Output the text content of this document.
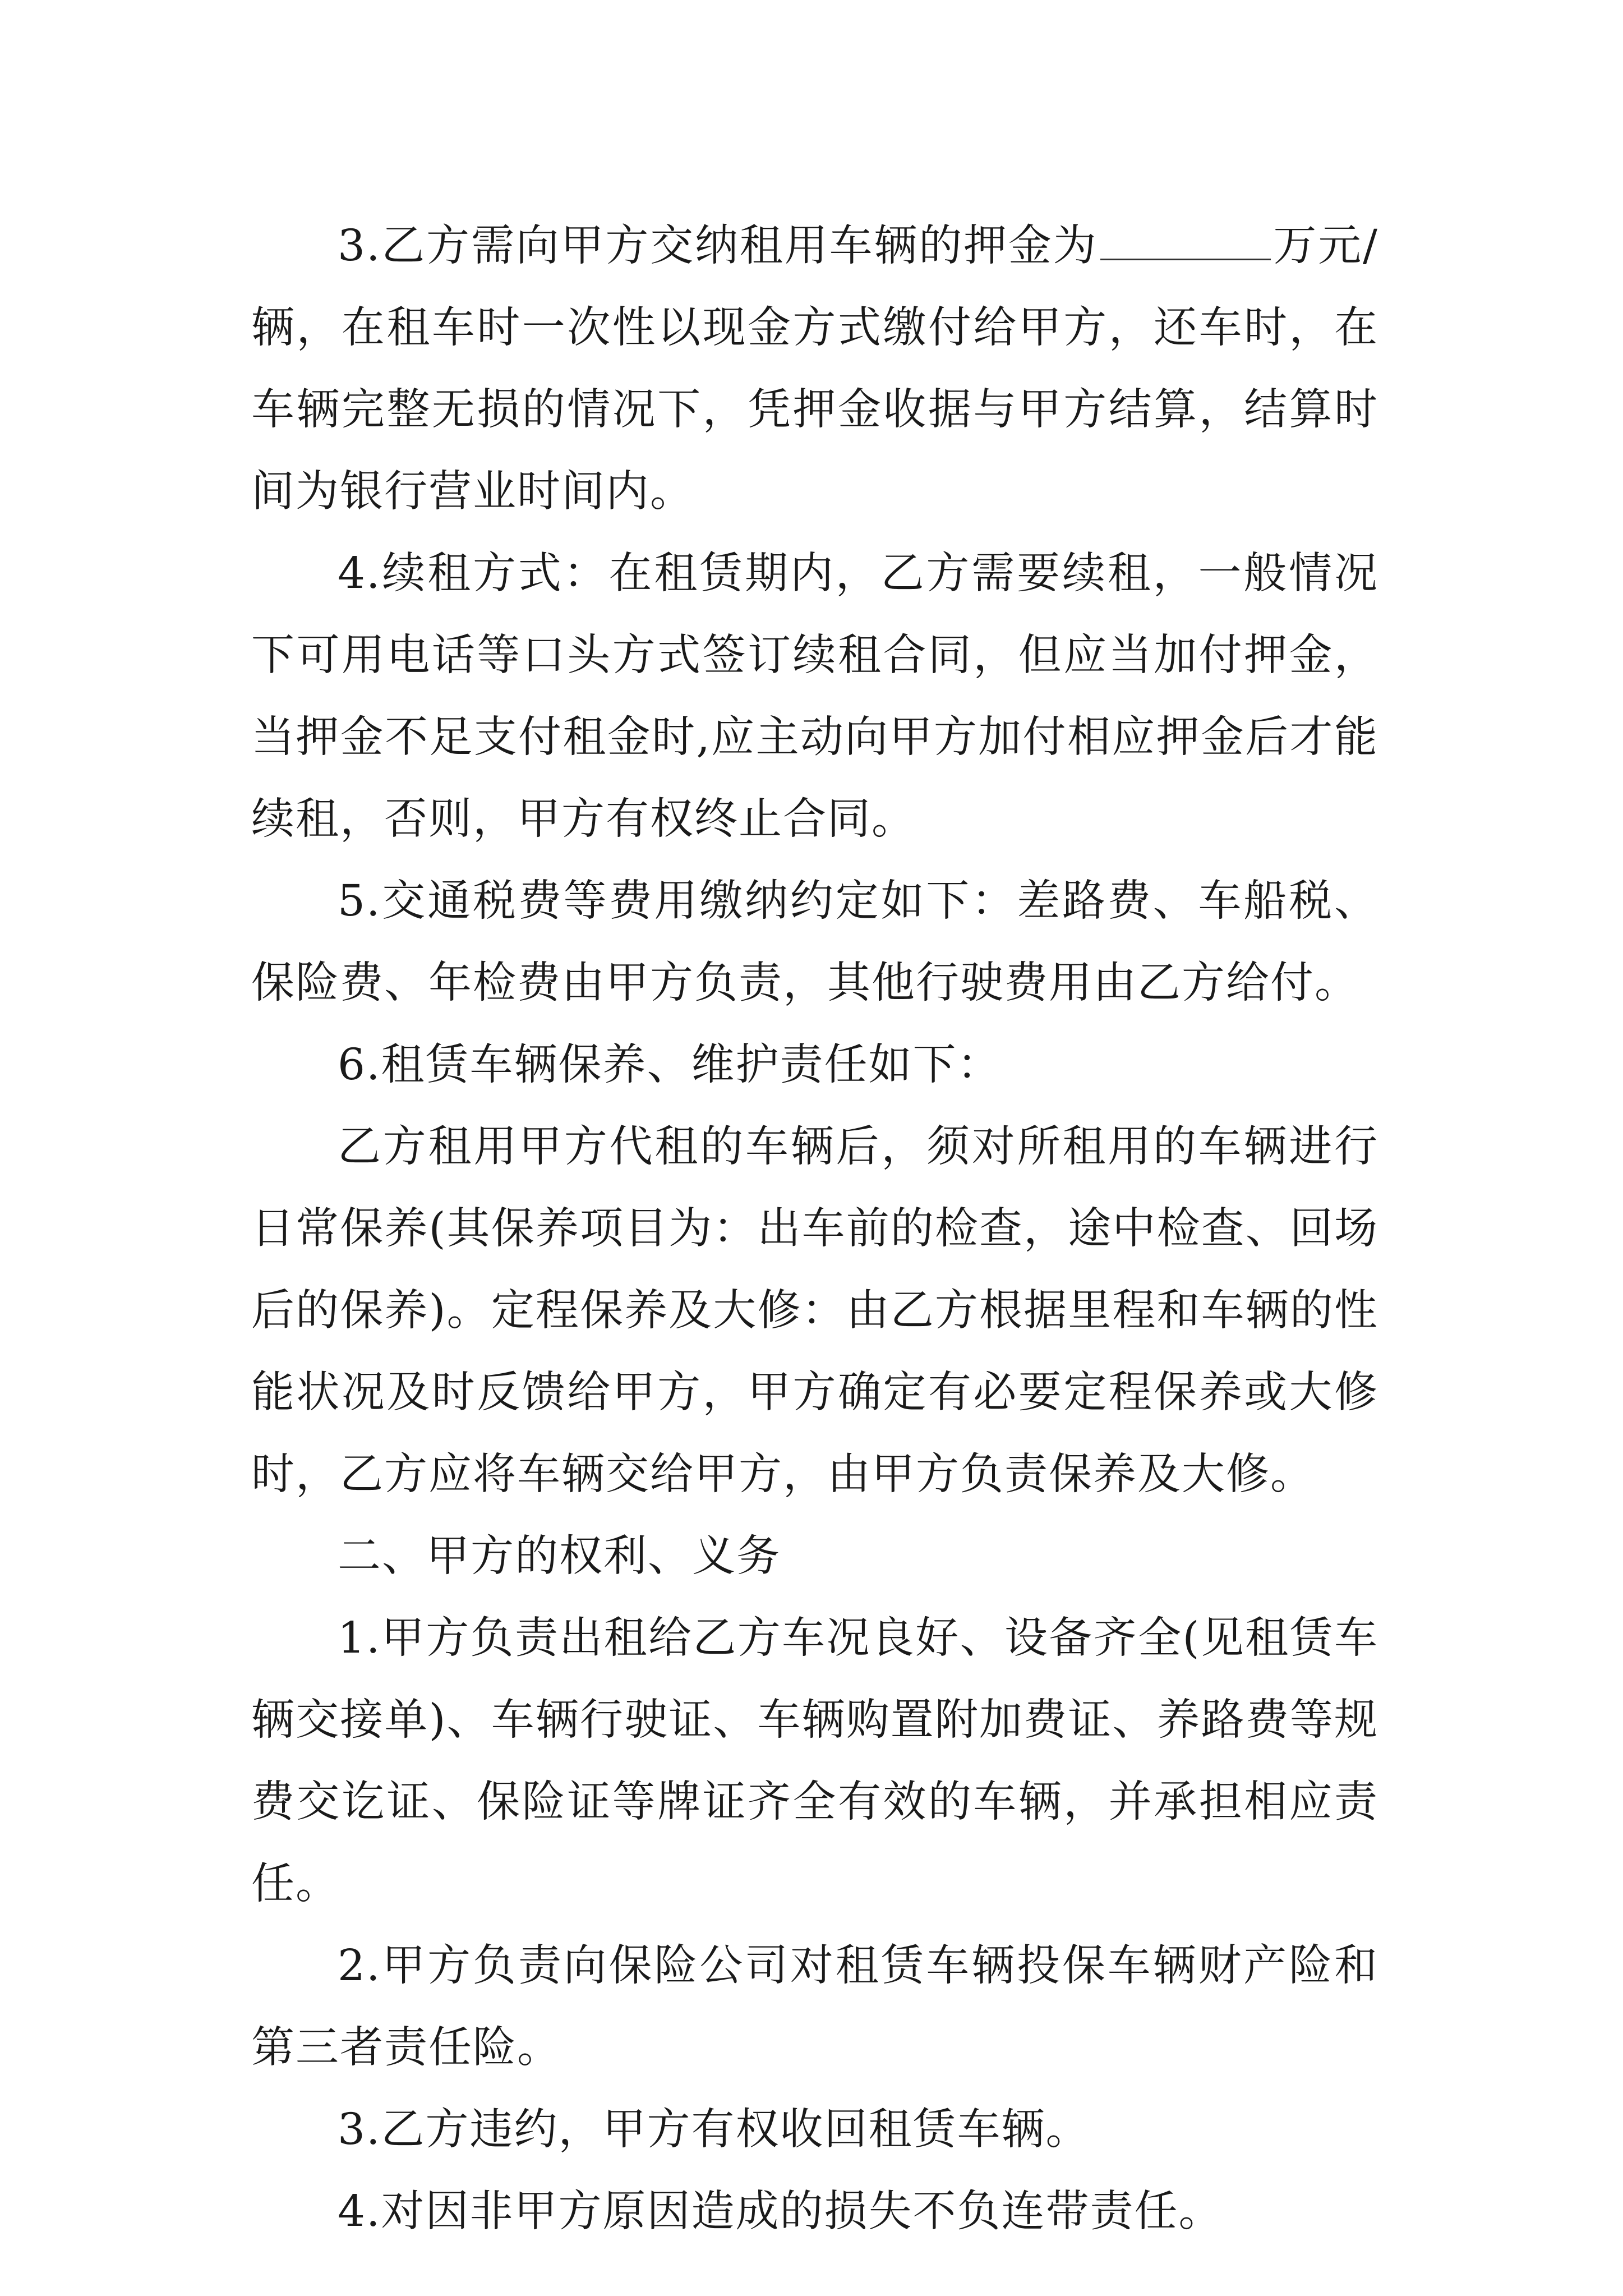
3.乙方需向甲方交纳租用车辆的押金为	万元/辆，在租车时一次性以现金方式缴付给甲方，还车时，在车辆完整无损的情况下，凭押金收据与甲方结算，结算时间为银行营业时间内。

4.续租方式：在租赁期内，乙方需要续租，一般情况下可用电话等口头方式签订续租合同，但应当加付押金，当押金不足支付租金时,应主动向甲方加付相应押金后才能续租，否则，甲方有权终止合同。

5.交通税费等费用缴纳约定如下：差路费、车船税、保险费、年检费由甲方负责，其他行驶费用由乙方给付。

6.租赁车辆保养、维护责任如下：

乙方租用甲方代租的车辆后，须对所租用的车辆进行日常保养(其保养项目为：出车前的检查，途中检查、回场后的保养)。定程保养及大修：由乙方根据里程和车辆的性能状况及时反馈给甲方，甲方确定有必要定程保养或大修时，乙方应将车辆交给甲方，由甲方负责保养及大修。

二、甲方的权利、义务

1.甲方负责出租给乙方车况良好、设备齐全(见租赁车辆交接单)、车辆行驶证、车辆购置附加费证、养路费等规费交讫证、保险证等牌证齐全有效的车辆，并承担相应责任。

2.甲方负责向保险公司对租赁车辆投保车辆财产险和第三者责任险。

3.乙方违约，甲方有权收回租赁车辆。

4.对因非甲方原因造成的损失不负连带责任。
